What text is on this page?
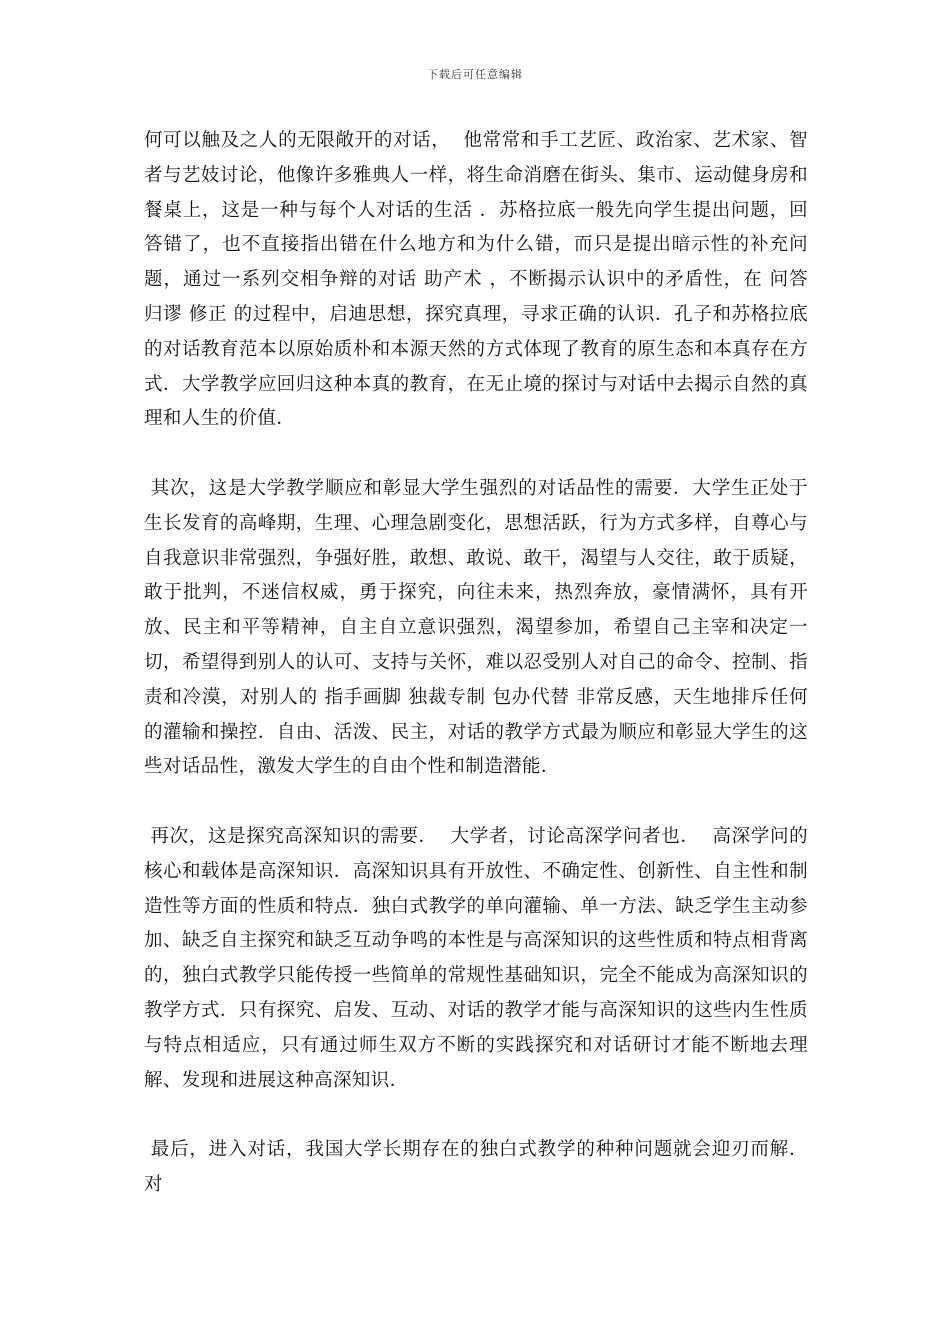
下载后可任意编辑

何可以触及之人的无限敞开的对话，  他常常和手工艺匠、政治家、艺术家、智者与艺妓讨论，他像许多雅典人一样，将生命消磨在街头、集市、运动健身房和餐桌上，这是一种与每个人对话的生活 ．苏格拉底一般先向学生提出问题，回答错了，也不直接指出错在什么地方和为什么错，而只是提出暗示性的补充问题，通过一系列交相争辩的对话 助产术 ，不断揭示认识中的矛盾性，在 问答 归谬 修正 的过程中，启迪思想，探究真理，寻求正确的认识．孔子和苏格拉底的对话教育范本以原始质朴和本源天然的方式体现了教育的原生态和本真存在方式．大学教学应回归这种本真的教育，在无止境的探讨与对话中去揭示自然的真理和人生的价值．

其次，这是大学教学顺应和彰显大学生强烈的对话品性的需要．大学生正处于生长发育的高峰期，生理、心理急剧变化，思想活跃，行为方式多样，自尊心与自我意识非常强烈，争强好胜，敢想、敢说、敢干，渴望与人交往，敢于质疑，敢于批判，不迷信权威，勇于探究，向往未来，热烈奔放，豪情满怀，具有开放、民主和平等精神，自主自立意识强烈，渴望参加，希望自己主宰和决定一切，希望得到别人的认可、支持与关怀，难以忍受别人对自己的命令、控制、指责和冷漠，对别人的 指手画脚 独裁专制 包办代替 非常反感，天生地排斥任何的灌输和操控．自由、活泼、民主，对话的教学方式最为顺应和彰显大学生的这些对话品性，激发大学生的自由个性和制造潜能．

再次，这是探究高深知识的需要．  大学者，讨论高深学问者也．  高深学问的核心和载体是高深知识．高深知识具有开放性、不确定性、创新性、自主性和制造性等方面的性质和特点．独白式教学的单向灌输、单一方法、缺乏学生主动参加、缺乏自主探究和缺乏互动争鸣的本性是与高深知识的这些性质和特点相背离的，独白式教学只能传授一些简单的常规性基础知识，完全不能成为高深知识的教学方式．只有探究、启发、互动、对话的教学才能与高深知识的这些内生性质与特点相适应，只有通过师生双方不断的实践探究和对话研讨才能不断地去理解、发现和进展这种高深知识．

最后，进入对话，我国大学长期存在的独白式教学的种种问题就会迎刃而解．对
